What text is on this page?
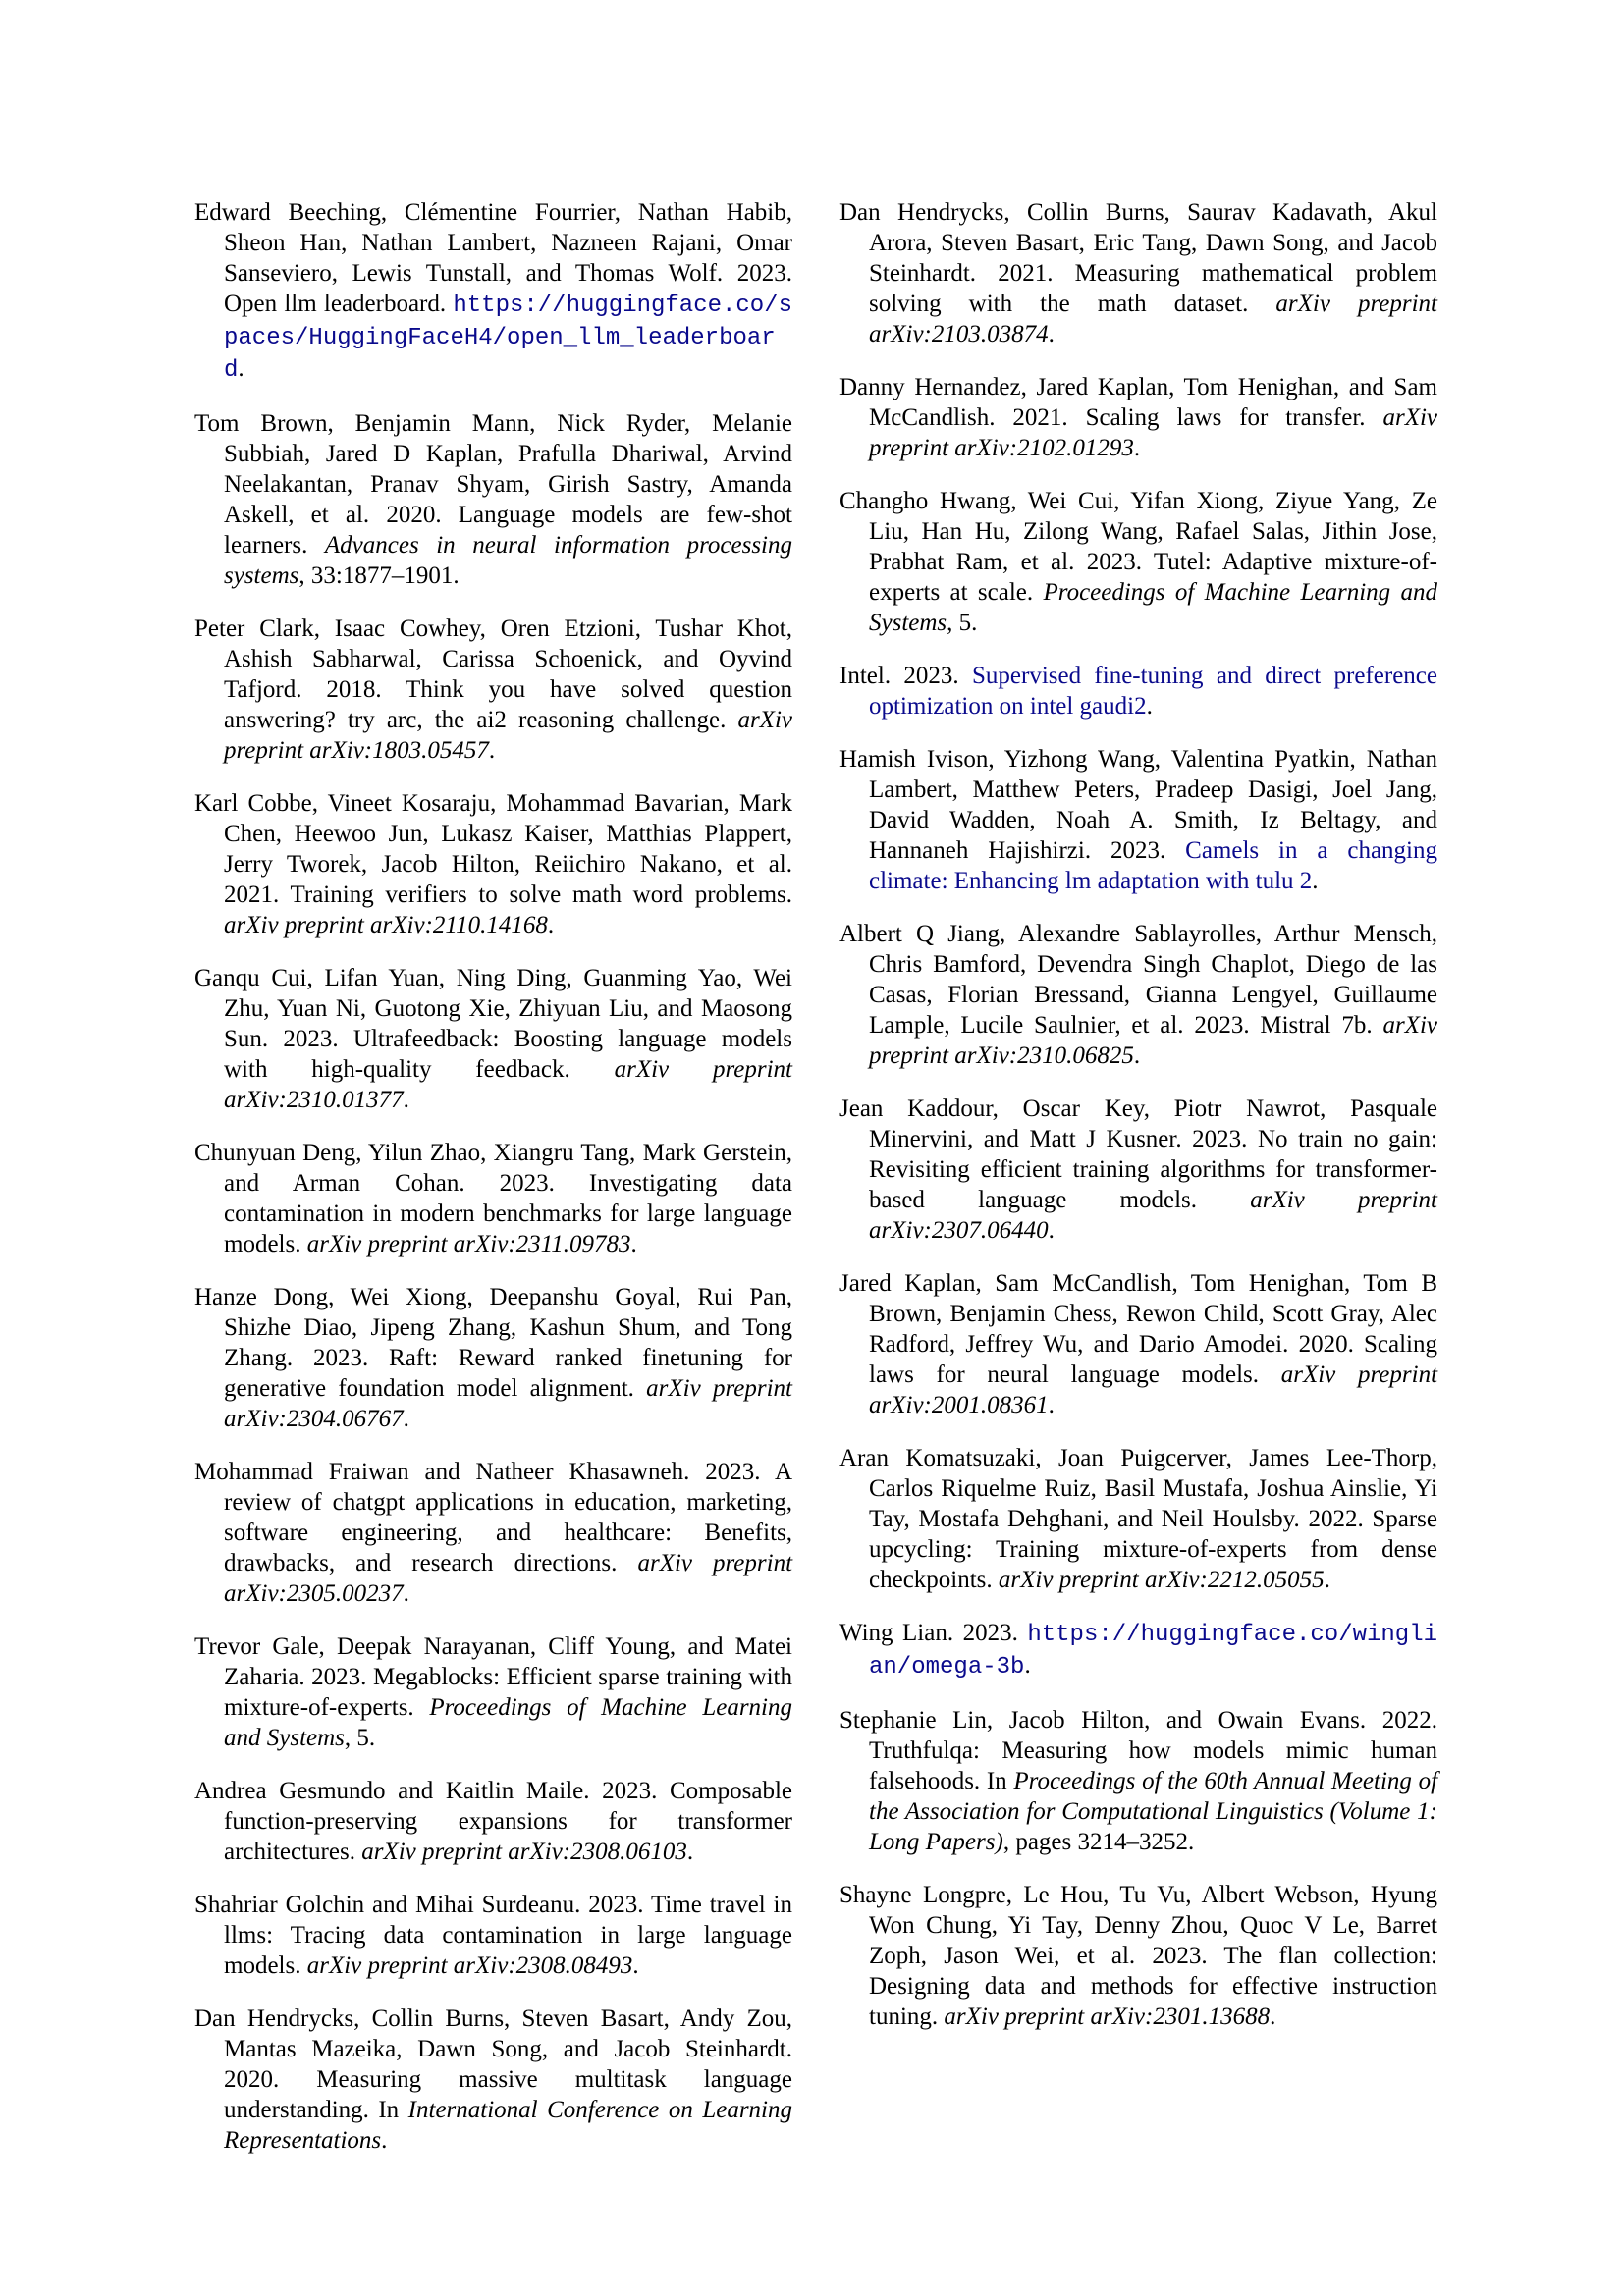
Edward Beeching, Clémentine Fourrier, Nathan Habib, Sheon Han, Nathan Lambert, Nazneen Rajani, Omar Sanseviero, Lewis Tunstall, and Thomas Wolf. 2023. Open llm leaderboard. https://huggingface.co/spaces/HuggingFaceH4/open_llm_leaderboard.
Tom Brown, Benjamin Mann, Nick Ryder, Melanie Subbiah, Jared D Kaplan, Prafulla Dhariwal, Arvind Neelakantan, Pranav Shyam, Girish Sastry, Amanda Askell, et al. 2020. Language models are few-shot learners. Advances in neural information processing systems, 33:1877–1901.
Peter Clark, Isaac Cowhey, Oren Etzioni, Tushar Khot, Ashish Sabharwal, Carissa Schoenick, and Oyvind Tafjord. 2018. Think you have solved question answering? try arc, the ai2 reasoning challenge. arXiv preprint arXiv:1803.05457.
Karl Cobbe, Vineet Kosaraju, Mohammad Bavarian, Mark Chen, Heewoo Jun, Lukasz Kaiser, Matthias Plappert, Jerry Tworek, Jacob Hilton, Reiichiro Nakano, et al. 2021. Training verifiers to solve math word problems. arXiv preprint arXiv:2110.14168.
Ganqu Cui, Lifan Yuan, Ning Ding, Guanming Yao, Wei Zhu, Yuan Ni, Guotong Xie, Zhiyuan Liu, and Maosong Sun. 2023. Ultrafeedback: Boosting language models with high-quality feedback. arXiv preprint arXiv:2310.01377.
Chunyuan Deng, Yilun Zhao, Xiangru Tang, Mark Gerstein, and Arman Cohan. 2023. Investigating data contamination in modern benchmarks for large language models. arXiv preprint arXiv:2311.09783.
Hanze Dong, Wei Xiong, Deepanshu Goyal, Rui Pan, Shizhe Diao, Jipeng Zhang, Kashun Shum, and Tong Zhang. 2023. Raft: Reward ranked finetuning for generative foundation model alignment. arXiv preprint arXiv:2304.06767.
Mohammad Fraiwan and Natheer Khasawneh. 2023. A review of chatgpt applications in education, marketing, software engineering, and healthcare: Benefits, drawbacks, and research directions. arXiv preprint arXiv:2305.00237.
Trevor Gale, Deepak Narayanan, Cliff Young, and Matei Zaharia. 2023. Megablocks: Efficient sparse training with mixture-of-experts. Proceedings of Machine Learning and Systems, 5.
Andrea Gesmundo and Kaitlin Maile. 2023. Composable function-preserving expansions for transformer architectures. arXiv preprint arXiv:2308.06103.
Shahriar Golchin and Mihai Surdeanu. 2023. Time travel in llms: Tracing data contamination in large language models. arXiv preprint arXiv:2308.08493.
Dan Hendrycks, Collin Burns, Steven Basart, Andy Zou, Mantas Mazeika, Dawn Song, and Jacob Steinhardt. 2020. Measuring massive multitask language understanding. In International Conference on Learning Representations.
Dan Hendrycks, Collin Burns, Saurav Kadavath, Akul Arora, Steven Basart, Eric Tang, Dawn Song, and Jacob Steinhardt. 2021. Measuring mathematical problem solving with the math dataset. arXiv preprint arXiv:2103.03874.
Danny Hernandez, Jared Kaplan, Tom Henighan, and Sam McCandlish. 2021. Scaling laws for transfer. arXiv preprint arXiv:2102.01293.
Changho Hwang, Wei Cui, Yifan Xiong, Ziyue Yang, Ze Liu, Han Hu, Zilong Wang, Rafael Salas, Jithin Jose, Prabhat Ram, et al. 2023. Tutel: Adaptive mixture-of-experts at scale. Proceedings of Machine Learning and Systems, 5.
Intel. 2023. Supervised fine-tuning and direct preference optimization on intel gaudi2.
Hamish Ivison, Yizhong Wang, Valentina Pyatkin, Nathan Lambert, Matthew Peters, Pradeep Dasigi, Joel Jang, David Wadden, Noah A. Smith, Iz Beltagy, and Hannaneh Hajishirzi. 2023. Camels in a changing climate: Enhancing lm adaptation with tulu 2.
Albert Q Jiang, Alexandre Sablayrolles, Arthur Mensch, Chris Bamford, Devendra Singh Chaplot, Diego de las Casas, Florian Bressand, Gianna Lengyel, Guillaume Lample, Lucile Saulnier, et al. 2023. Mistral 7b. arXiv preprint arXiv:2310.06825.
Jean Kaddour, Oscar Key, Piotr Nawrot, Pasquale Minervini, and Matt J Kusner. 2023. No train no gain: Revisiting efficient training algorithms for transformer-based language models. arXiv preprint arXiv:2307.06440.
Jared Kaplan, Sam McCandlish, Tom Henighan, Tom B Brown, Benjamin Chess, Rewon Child, Scott Gray, Alec Radford, Jeffrey Wu, and Dario Amodei. 2020. Scaling laws for neural language models. arXiv preprint arXiv:2001.08361.
Aran Komatsuzaki, Joan Puigcerver, James Lee-Thorp, Carlos Riquelme Ruiz, Basil Mustafa, Joshua Ainslie, Yi Tay, Mostafa Dehghani, and Neil Houlsby. 2022. Sparse upcycling: Training mixture-of-experts from dense checkpoints. arXiv preprint arXiv:2212.05055.
Wing Lian. 2023. https://huggingface.co/winglian/omega-3b.
Stephanie Lin, Jacob Hilton, and Owain Evans. 2022. Truthfulqa: Measuring how models mimic human falsehoods. In Proceedings of the 60th Annual Meeting of the Association for Computational Linguistics (Volume 1: Long Papers), pages 3214–3252.
Shayne Longpre, Le Hou, Tu Vu, Albert Webson, Hyung Won Chung, Yi Tay, Denny Zhou, Quoc V Le, Barret Zoph, Jason Wei, et al. 2023. The flan collection: Designing data and methods for effective instruction tuning. arXiv preprint arXiv:2301.13688.
